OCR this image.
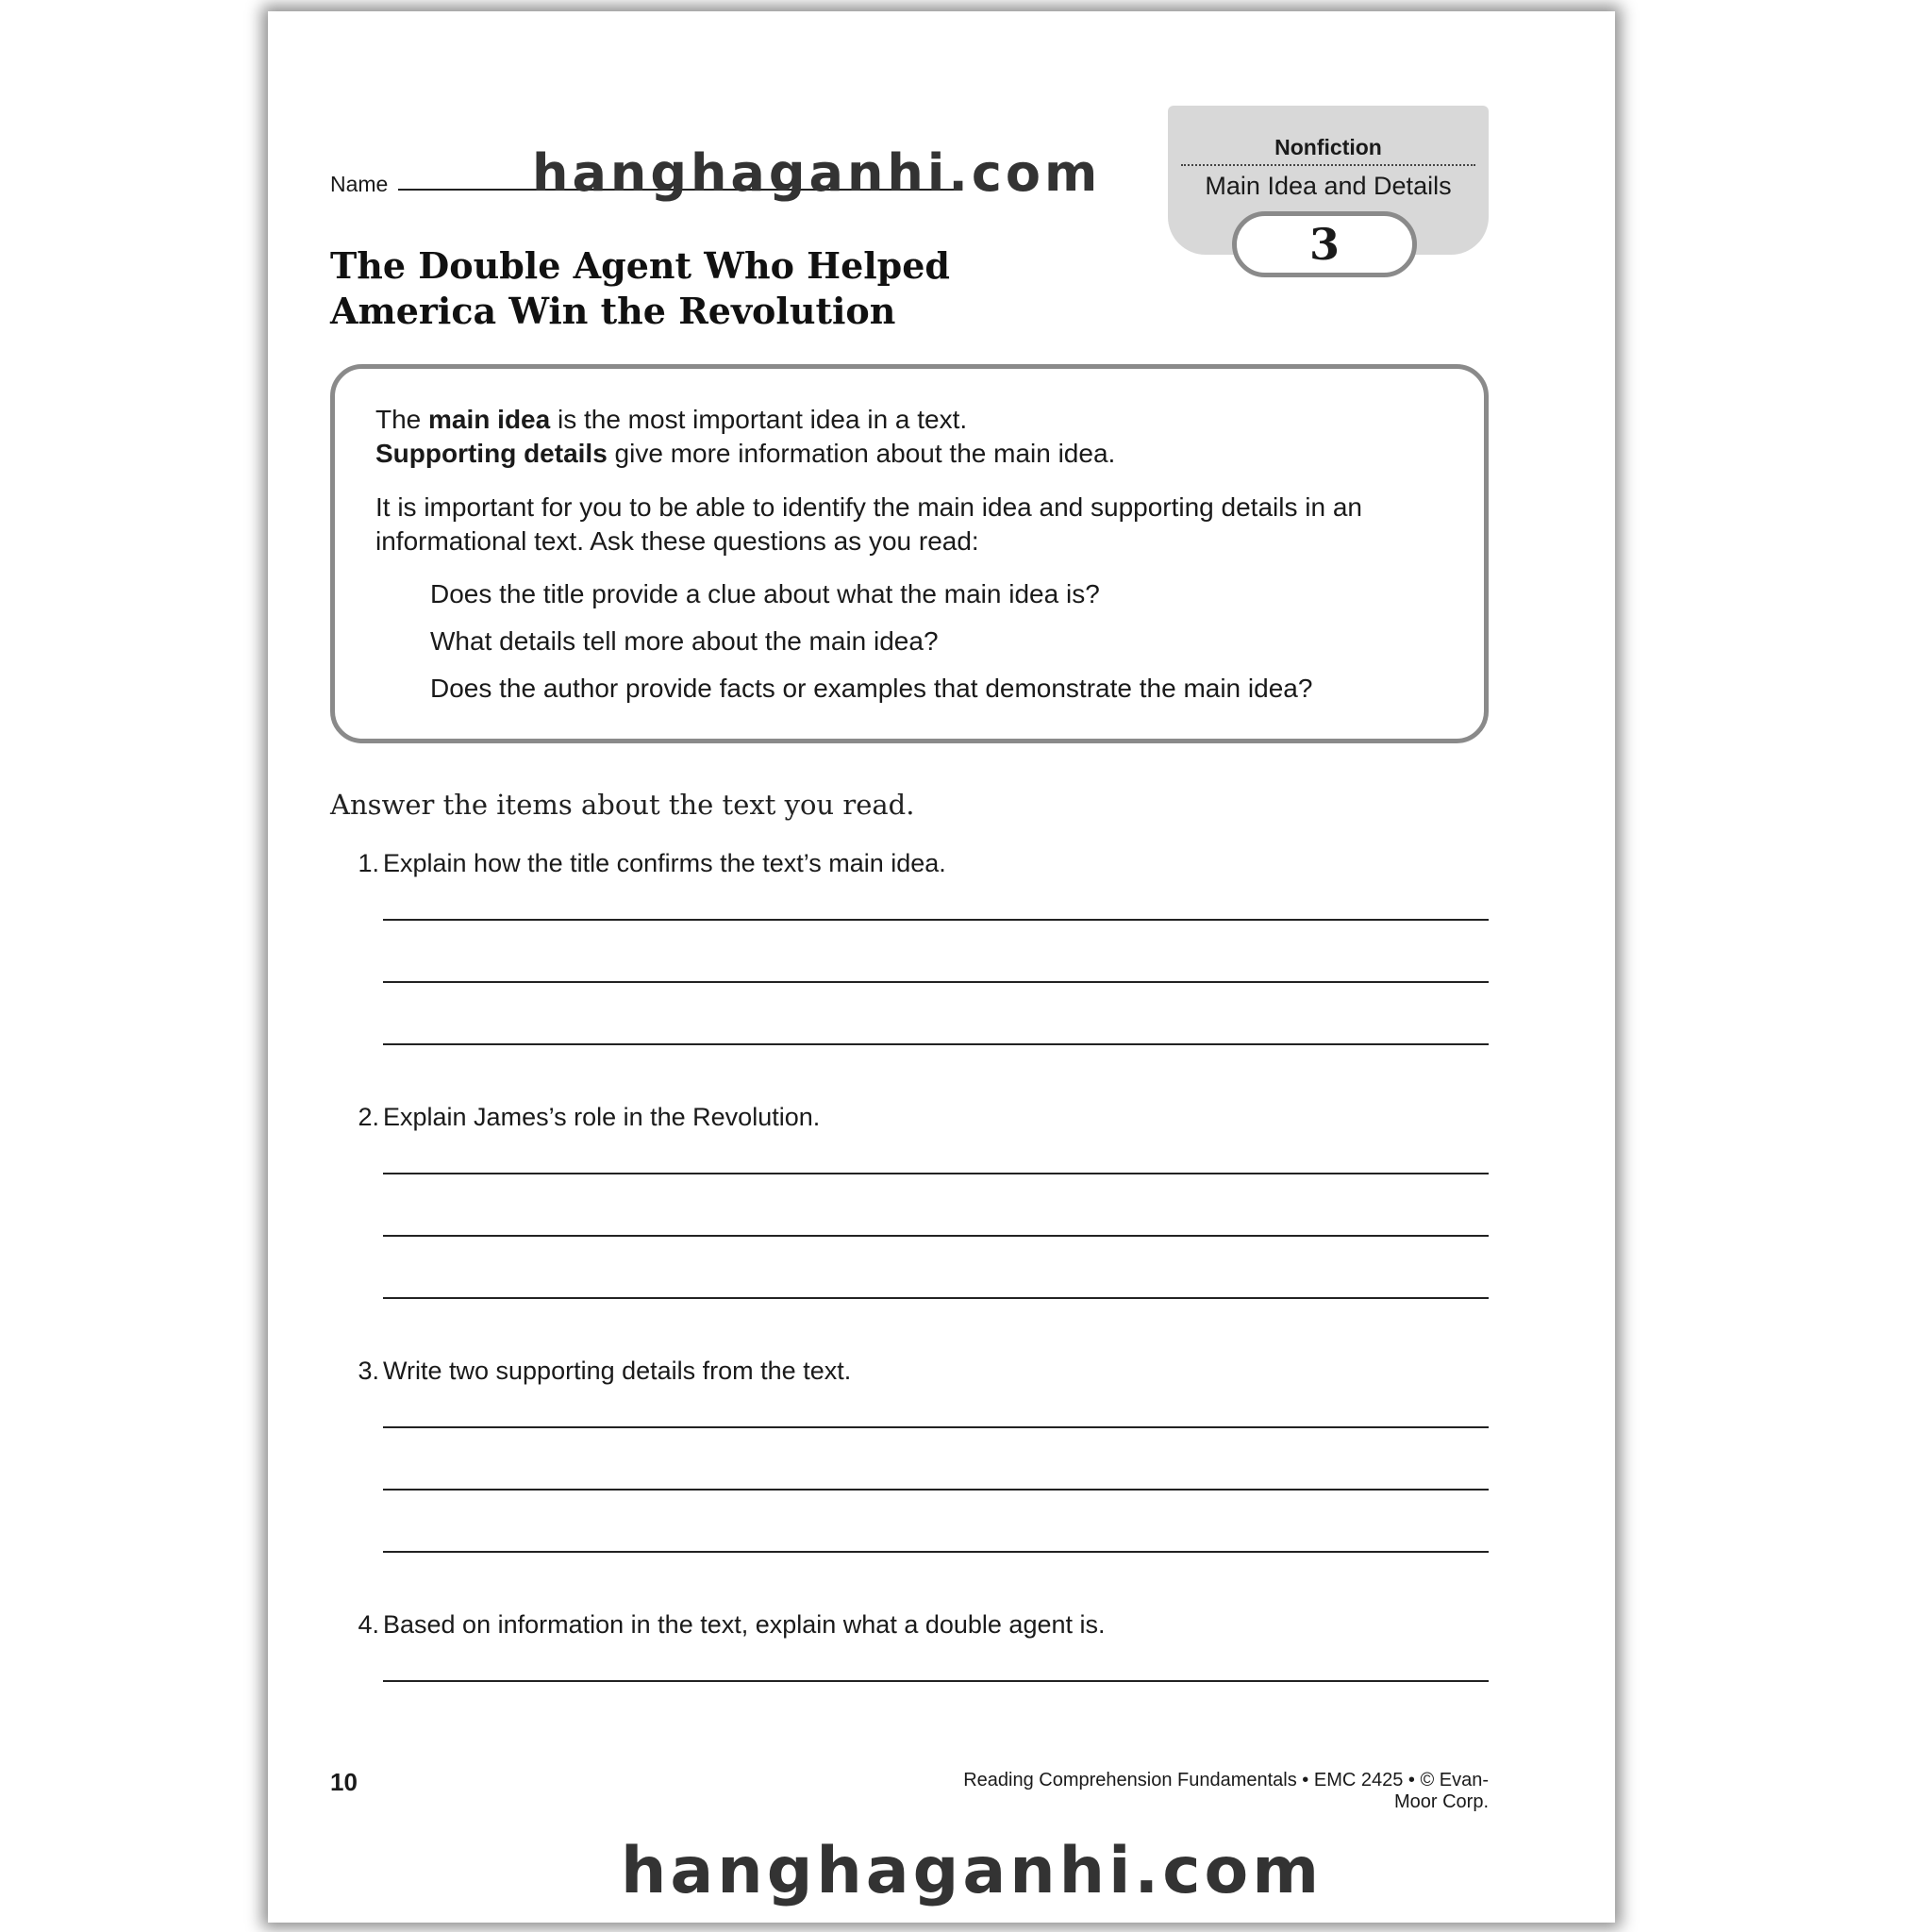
Name	hanghaganhi.com
The Double Agent Who Helped America Win the Revolution
Nonfiction
Main Idea and Details
3
The main idea is the most important idea in a text.
Supporting details give more information about the main idea.
It is important for you to be able to identify the main idea and supporting details in an informational text. Ask these questions as you read:
Does the title provide a clue about what the main idea is?
What details tell more about the main idea?
Does the author provide facts or examples that demonstrate the main idea?
Answer the items about the text you read.
1. Explain how the title confirms the text’s main idea.
2. Explain James’s role in the Revolution.
3. Write two supporting details from the text.
4. Based on information in the text, explain what a double agent is.
10	Reading Comprehension Fundamentals • EMC 2425 • © Evan-Moor Corp.
hanghaganhi.com
